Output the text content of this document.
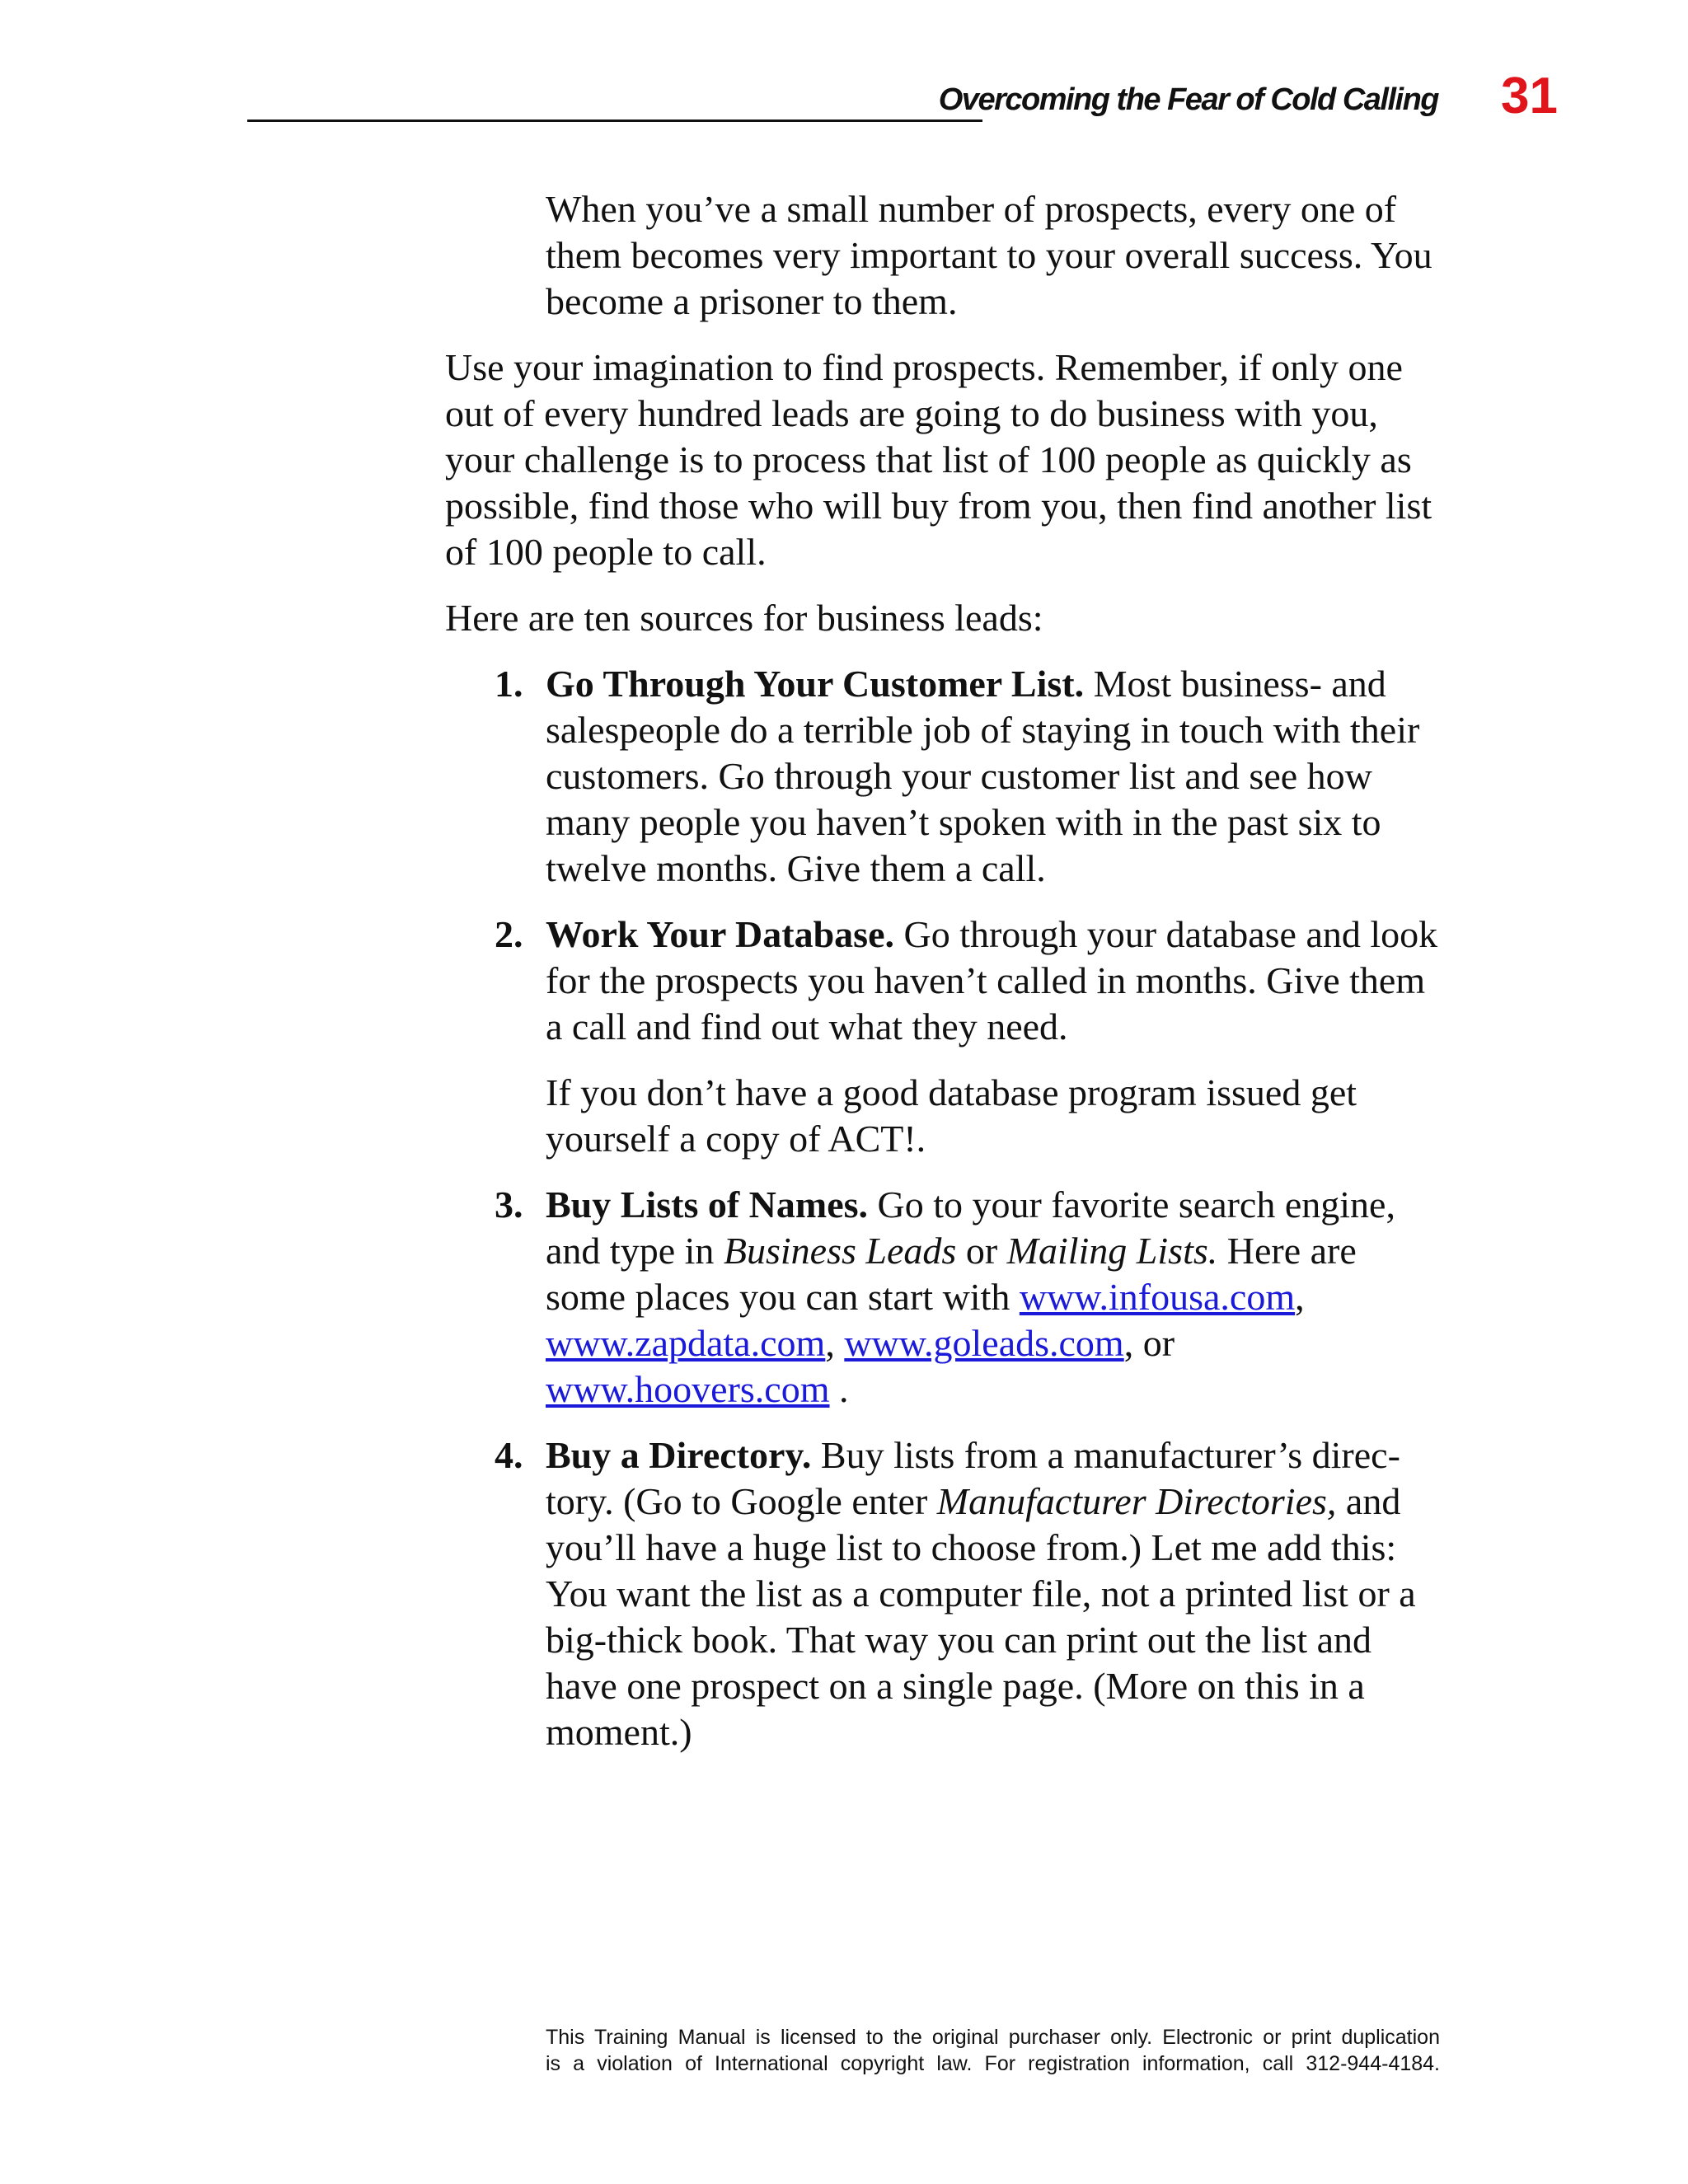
Overcoming the Fear of Cold Calling 31

When you’ve a small number of prospects, every one of them becomes very important to your overall success. You become a prisoner to them.

Use your imagination to find prospects. Remember, if only one out of every hundred leads are going to do business with you, your challenge is to process that list of 100 people as quickly as possible, find those who will buy from you, then find another list of 100 people to call.

Here are ten sources for business leads:

1. Go Through Your Customer List. Most business- and salespeople do a terrible job of staying in touch with their customers. Go through your customer list and see how many people you haven’t spoken with in the past six to twelve months. Give them a call.

2. Work Your Database. Go through your database and look for the prospects you haven’t called in months. Give them a call and find out what they need.

If you don’t have a good database program issued get yourself a copy of ACT!.

3. Buy Lists of Names. Go to your favorite search engine, and type in Business Leads or Mailing Lists. Here are some places you can start with www.infousa.com,
www.zapdata.com, www.goleads.com, or
www.hoovers.com .

4. Buy a Directory. Buy lists from a manufacturer’s directory. (Go to Google enter Manufacturer Directories, and you’ll have a huge list to choose from.) Let me add this: You want the list as a computer file, not a printed list or a big-thick book. That way you can print out the list and have one prospect on a single page. (More on this in a moment.)

This Training Manual is licensed to the original purchaser only. Electronic or print duplication
is a violation of International copyright law. For registration information, call 312-944-4184.
